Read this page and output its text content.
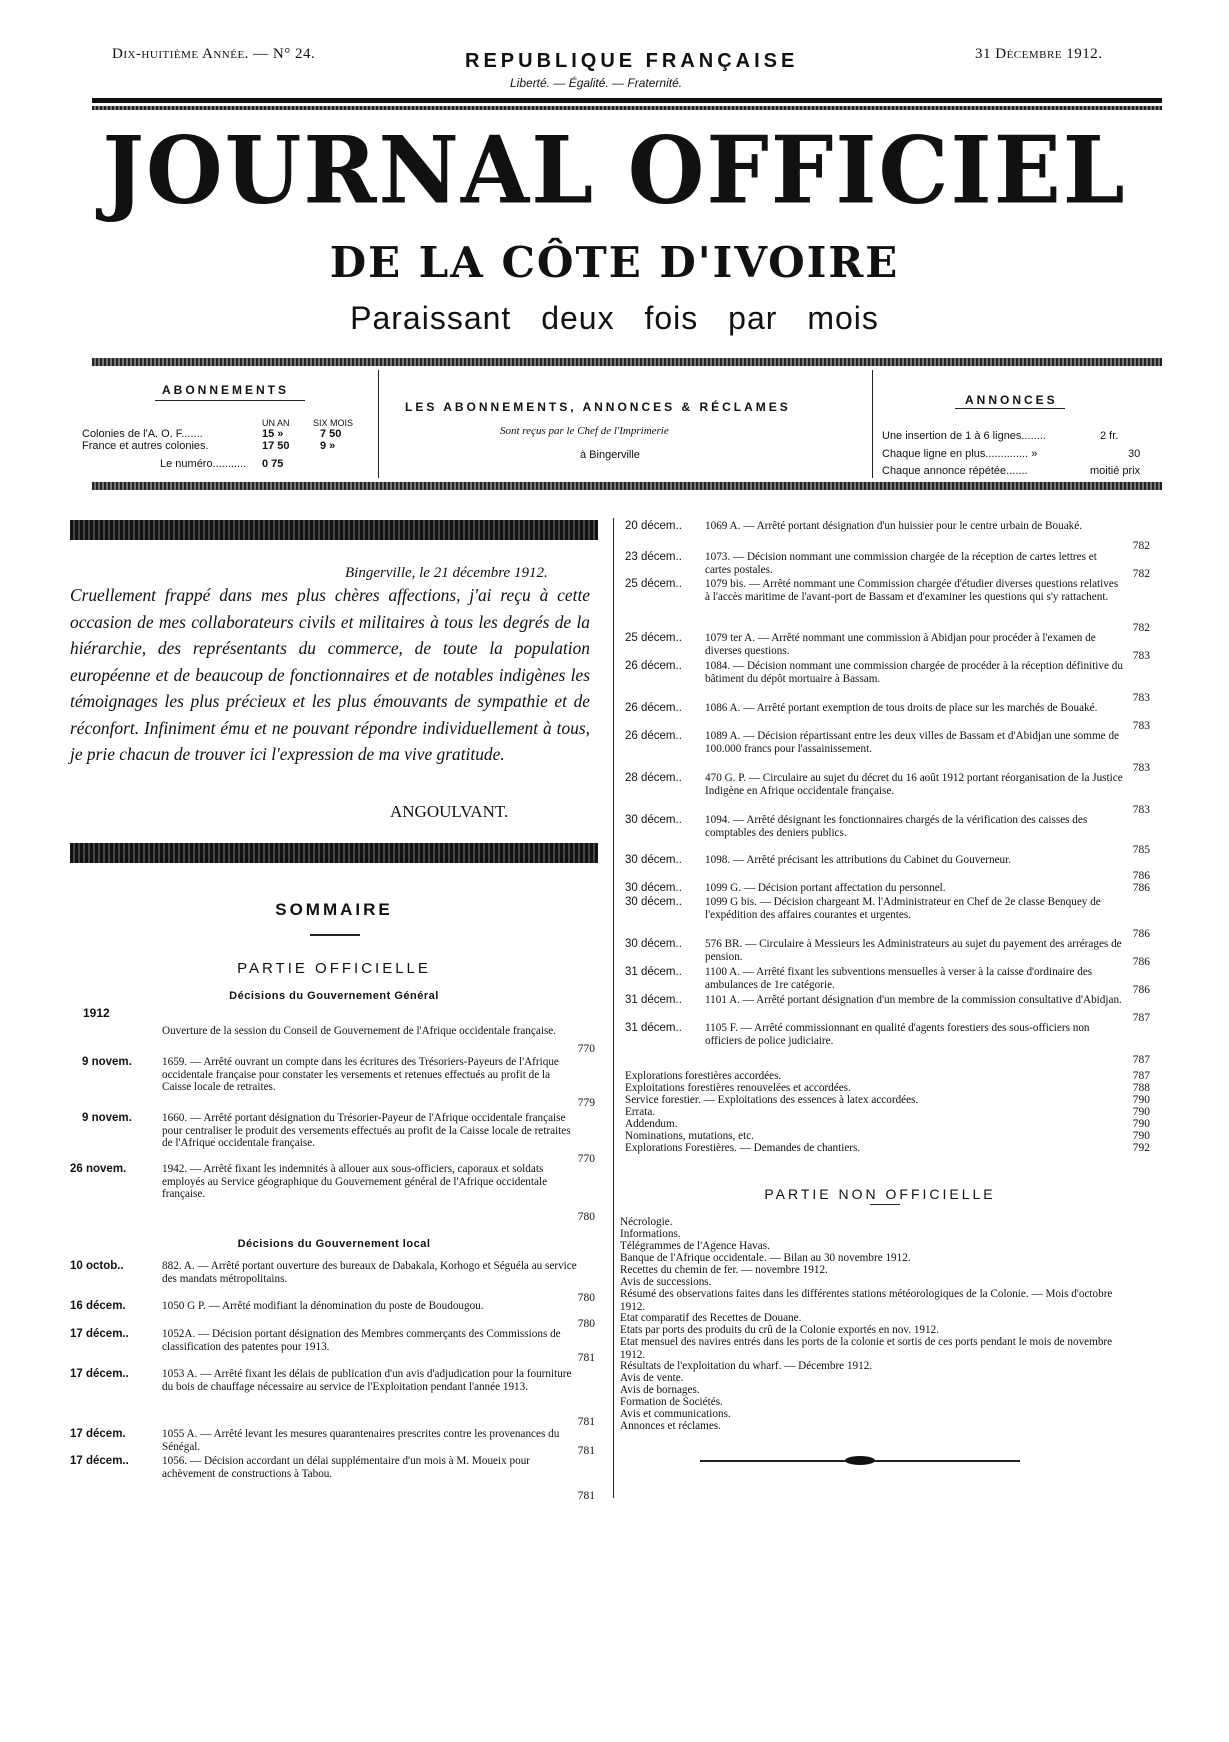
Dix-huitième Année. — N° 24.	REPUBLIQUE FRANÇAISE
Liberté. — Égalité. — Fraternité.
31 Décembre 1912.
JOURNAL OFFICIEL
DE LA CÔTE D'IVOIRE
Paraissant deux fois par mois
ABONNEMENTS
UN AN	SIX MOIS
Colonies de l'A. O. F.......	15 »	7 50
France et autres colonies.	17 50	9 »
Le numéro........... 0 75
LES ABONNEMENTS, ANNONCES & RÉCLAMES
Sont reçus par le Chef de l'Imprimerie
à Bingerville
ANNONCES
Une insertion de 1 à 6 lignes........	2 fr.
Chaque ligne en plus.............. »	30
Chaque annonce répétée.......	moitié prix
Bingerville, le 21 décembre 1912.
Cruellement frappé dans mes plus chères affections, j'ai reçu à cette occasion de mes collaborateurs civils et militaires à tous les degrés de la hiérarchie, des représentants du commerce, de toute la population européenne et de beaucoup de fonctionnaires et de notables indigènes les témoignages les plus précieux et les plus émouvants de sympathie et de réconfort. Infiniment ému et ne pouvant répondre individuellement à tous, je prie chacun de trouver ici l'expression de ma vive gratitude.
ANGOULVANT.
SOMMAIRE
PARTIE OFFICIELLE
Décisions du Gouvernement Général
1912
Ouverture de la session du Conseil de Gouvernement de l'Afrique occidentale française.
770
9 novem.	1659. — Arrêté ouvrant un compte dans les écritures des Trésoriers-Payeurs de l'Afrique occidentale française pour constater les versements et retenues effectués au profit de la Caisse locale de retraites.
779
9 novem.	1660. — Arrêté portant désignation du Trésorier-Payeur de l'Afrique occidentale française pour centraliser le produit des versements effectués au profit de la Caisse locale de retraites de l'Afrique occidentale française.
770
26 novem.	1942. — Arrêté fixant les indemnités à allouer aux sous-officiers, caporaux et soldats employés au Service géographique du Gouvernement général de l'Afrique occidentale française.
780
Décisions du Gouvernement local
10 octob..	882. A. — Arrêté portant ouverture des bureaux de Dabakala, Korhogo et Séguéla au service des mandats métropolitains.
780
16 décem.	1050 G P. — Arrêté modifiant la dénomination du poste de Boudougou.
780
17 décem..	1052A. — Décision portant désignation des Membres commerçants des Commissions de classification des patentes pour 1913.
781
17 décem..	1053 A. — Arrêté fixant les délais de publication d'un avis d'adjudication pour la fourniture du bois de chauffage nécessaire au service de l'Exploitation pendant l'année 1913.
781
17 décem.	1055 A. — Arrêté levant les mesures quarantenaires prescrites contre les provenances du Sénégal.	781
17 décem..	1056. — Décision accordant un délai supplémentaire d'un mois à M. Moueix pour achèvement de constructions à Tabou.
781
20 décem.. 1069 A. — Arrêté portant désignation d'un huissier pour le centre urbain de Bouaké.
782
23 décem.. 1073. — Décision nommant une commission chargée de la réception de cartes lettres et cartes postales.	782
25 décem.. 1079 bis. — Arrêté nommant une Commission chargée d'étudier diverses questions relatives à l'accès maritime de l'avant-port de Bassam et d'examiner les questions qui s'y rattachent.
782
25 décem.. 1079 ter A. — Arrêté nommant une commission à Abidjan pour procéder à l'examen de diverses questions.	783
26 décem.. 1084. — Décision nommant une commission chargée de procéder à la réception définitive du bâtiment du dépôt mortuaire à Bassam.
783
26 décem.. 1086 A. — Arrêté portant exemption de tous droits de place sur les marchés de Bouaké.
783
26 décem.. 1089 A. — Décision répartissant entre les deux villes de Bassam et d'Abidjan une somme de 100.000 francs pour l'assainissement.
783
28 décem.. 470 G. P. — Circulaire au sujet du décret du 16 août 1912 portant réorganisation de la Justice Indigène en Afrique occidentale française.
783
30 décem.. 1094. — Arrêté désignant les fonctionnaires chargés de la vérification des caisses des comptables des deniers publics.
785
30 décem.. 1098. — Arrêté précisant les attributions du Cabinet du Gouverneur.
786
30 décem.. 1099 G. — Décision portant affectation du personnel.	786
30 décem.. 1099 G bis. — Décision chargeant M. l'Administrateur en Chef de 2e classe Benquey de l'expédition des affaires courantes et urgentes.
786
30 décem.. 576 BR. — Circulaire à Messieurs les Administrateurs au sujet du payement des arrérages de pension.	786
31 décem.. 1100 A. — Arrêté fixant les subventions mensuelles à verser à la caisse d'ordinaire des ambulances de 1re catégorie.	786
31 décem.. 1101 A. — Arrêté portant désignation d'un membre de la commission consultative d'Abidjan.
787
31 décem.. 1105 F. — Arrêté commissionnant en qualité d'agents forestiers des sous-officiers non officiers de police judiciaire.
787
Explorations forestières accordées.	787
Exploitations forestières renouvelées et accordées.	788
Service forestier. — Exploitations des essences à latex accordées.	790
Errata.	790
Addendum.	790
Nominations, mutations, etc.	790
Explorations Forestières. — Demandes de chantiers.	792
PARTIE NON OFFICIELLE
Nécrologie.
Informations.
Télégrammes de l'Agence Havas.
Banque de l'Afrique occidentale. — Bilan au 30 novembre 1912.
Recettes du chemin de fer. — novembre 1912.
Avis de successions.
Résumé des observations faites dans les différentes stations météorologiques de la Colonie. — Mois d'octobre 1912.
Etat comparatif des Recettes de Douane.
Etats par ports des produits du crû de la Colonie exportés en nov. 1912.
Etat mensuel des navires entrés dans les ports de la colonie et sortis de ces ports pendant le mois de novembre 1912.
Résultats de l'exploitation du wharf. — Décembre 1912.
Avis de vente.
Avis de bornages.
Formation de Sociétés.
Avis et communications.
Annonces et réclames.
